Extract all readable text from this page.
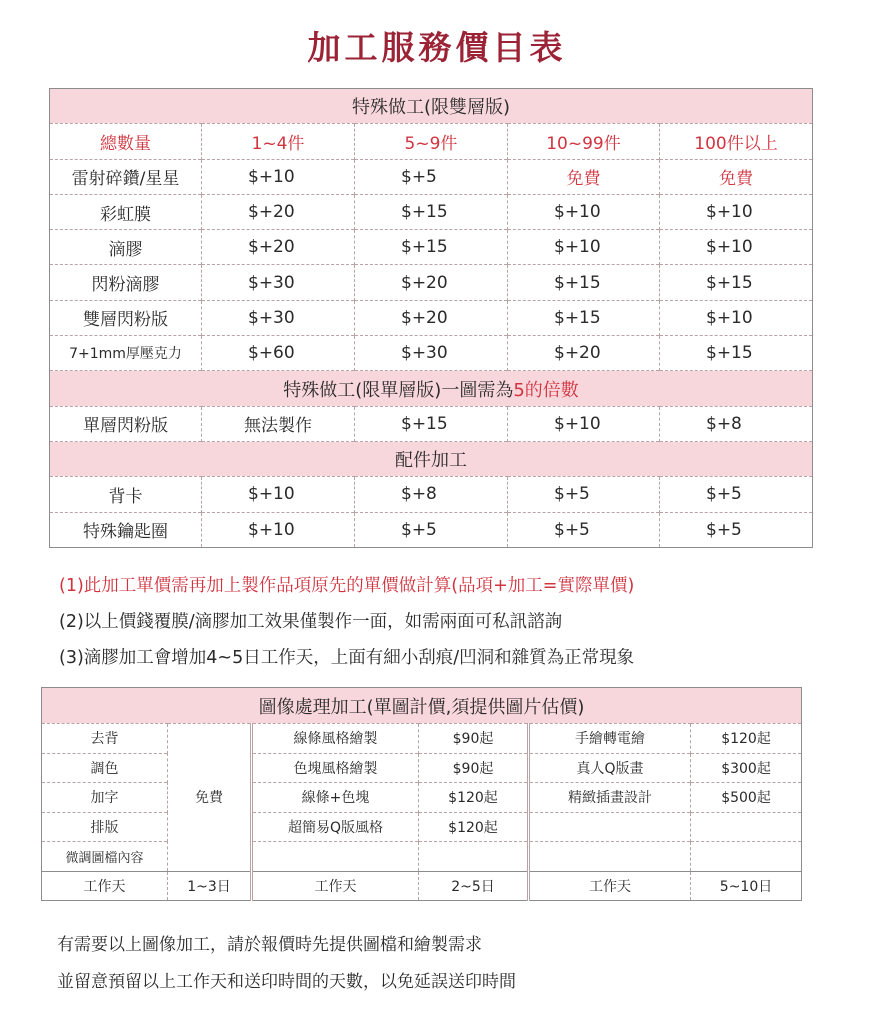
加工服務價目表
特殊做工(限雙層版)				
總數量	1~4件	5~9件	10~99件	100件以上
雷射碎鑽/星星	$+10	$+5	免費	免費
彩虹膜	$+20	$+15	$+10	$+10
滴膠	$+20	$+15	$+10	$+10
閃粉滴膠	$+30	$+20	$+15	$+15
雙層閃粉版	$+30	$+20	$+15	$+10
7+1mm厚壓克力	$+60	$+30	$+20	$+15
特殊做工(限單層版)一圖需為5的倍數				
單層閃粉版	無法製作	$+15	$+10	$+8
配件加工				
背卡	$+10	$+8	$+5	$+5
特殊鑰匙圈	$+10	$+5	$+5	$+5
(1)此加工單價需再加上製作品項原先的單價做計算(品項+加工=實際單價)
(2)以上價錢覆膜/滴膠加工效果僅製作一面，如需兩面可私訊諮詢
(3)滴膠加工會增加4~5日工作天，上面有細小刮痕/凹洞和雜質為正常現象
圖像處理加工(單圖計價,須提供圖片估價)					
去背	免費	線條風格繪製	$90起	手繪轉電繪	$120起
調色		色塊風格繪製	$90起	真人Q版畫	$300起
加字		線條+色塊	$120起	精緻插畫設計	$500起
排版		超簡易Q版風格	$120起		
微調圖檔內容					
工作天	1~3日	工作天	2~5日	工作天	5~10日
有需要以上圖像加工，請於報價時先提供圖檔和繪製需求
並留意預留以上工作天和送印時間的天數，以免延誤送印時間
